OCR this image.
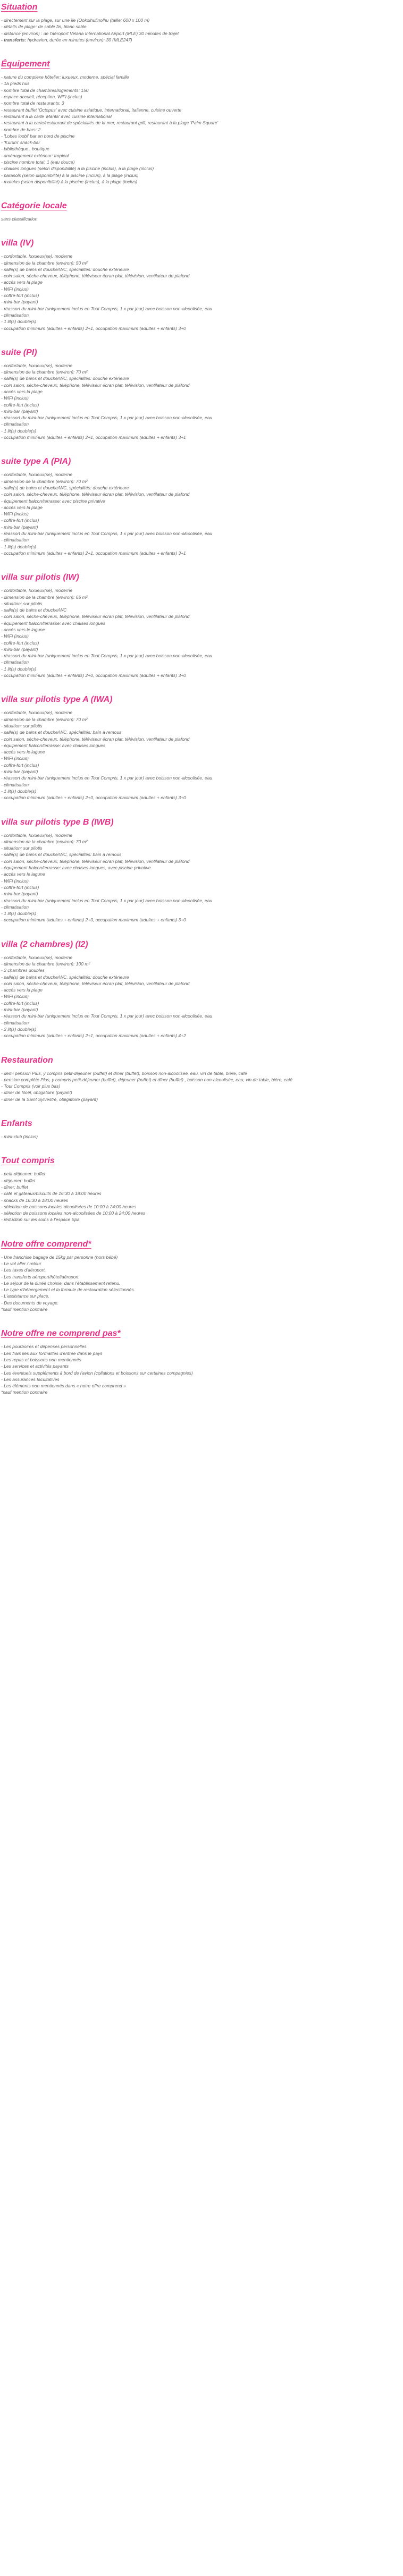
Situation
- directement sur la plage, sur une île (Ookolhufinolhu (taille: 600 x 100 m)
- détails de plage: de sable fin, blanc sable
- distance (environ) : de l'aéroport Velana International Airport (MLE) 30 minutes de trajet
- transferts: hydravion, durée en minutes (environ): 30 (MLE247)
Équipement
- nature du complexe hôtelier: luxueux, moderne, spécial famille
- 1à pieds nus
- nombre total de chambres/logements: 150
- espace accueil, réception, WiFi (inclus)
- nombre total de restaurants: 3
- restaurant buffet 'Octopus' avec cuisine asiatique, international, italienne, cuisine ouverte
- restaurant à la carte 'Manta' avec cuisine international
- restaurant à la carte/restaurant de spécialités de la mer, restaurant grill, restaurant à la plage 'Palm Square'
- nombre de bars: 2
- 'Lobes loobi' bar en bord de piscine
- 'Kurum' snack-bar
- bibliothèque , boutique
- aménagement extérieur: tropical
- piscine nombre total: 1 (eau douce)
- chaises longues (selon disponibilité) à la piscine (inclus), à la plage (inclus)
- parasols (selon disponibilité) à la piscine (inclus), à la plage (inclus)
- matelas (selon disponibilité) à la piscine (inclus), à la plage (inclus)
Catégorie locale

sans classification

villa (IV)
- confortable, luxueux(se), moderne
- dimension de la chambre (environ): 50 m²
- salle(s) de bains et douche/WC, spécialités: douche extérieure
- coin salon, sèche-cheveux, téléphone, téléviseur écran plat, télévision, ventilateur de plafond
- accès vers la plage
- WiFi (inclus)
- coffre-fort (inclus)
- mini-bar (payant)
- réassort du mini-bar (uniquement inclus en Tout Compris, 1 x par jour) avec boisson non-alcoolisée, eau
- climatisation
- 1 lit(s) double(s)
- occupation minimum (adultes + enfants) 2+1, occupation maximum (adultes + enfants) 3+0
suite (PI)
- confortable, luxueux(se), moderne
- dimension de la chambre (environ): 70 m²
- salle(s) de bains et douche/WC, spécialités: douche extérieure
- coin salon, sèche-cheveux, téléphone, téléviseur écran plat, télévision, ventilateur de plafond
- accès vers la plage
- WiFi (inclus)
- coffre-fort (inclus)
- mini-bar (payant)
- réassort du mini-bar (uniquement inclus en Tout Compris, 1 x par jour) avec boisson non-alcoolisée, eau
- climatisation
- 1 lit(s) double(s)
- occupation minimum (adultes + enfants) 2+1, occupation maximum (adultes + enfants) 3+1
suite type A (PIA)
- confortable, luxueux(se), moderne
- dimension de la chambre (environ): 70 m²
- salle(s) de bains et douche/WC, spécialités: douche extérieure
- coin salon, sèche-cheveux, téléphone, téléviseur écran plat, télévision, ventilateur de plafond
- équipement balcon/terrasse: avec piscine privative
- accès vers la plage
- WiFi (inclus)
- coffre-fort (inclus)
- mini-bar (payant)
- réassort du mini-bar (uniquement inclus en Tout Compris, 1 x par jour) avec boisson non-alcoolisée, eau
- climatisation
- 1 lit(s) double(s)
- occupation minimum (adultes + enfants) 2+1, occupation maximum (adultes + enfants) 3+1
villa sur pilotis (IW)
- confortable, luxueux(se), moderne
- dimension de la chambre (environ): 65 m²
- situation: sur pilotis
- salle(s) de bains et douche/WC
- coin salon, sèche-cheveux, téléphone, téléviseur écran plat, télévision, ventilateur de plafond
- équipement balcon/terrasse: avec chaises longues
- accès vers le lagune
- WiFi (inclus)
- coffre-fort (inclus)
- mini-bar (payant)
- réassort du mini-bar (uniquement inclus en Tout Compris, 1 x par jour) avec boisson non-alcoolisée, eau
- climatisation
- 1 lit(s) double(s)
- occupation minimum (adultes + enfants) 2+0, occupation maximum (adultes + enfants) 3+0
villa sur pilotis type A (IWA)
- confortable, luxueux(se), moderne
- dimension de la chambre (environ): 70 m²
- situation: sur pilotis
- salle(s) de bains et douche/WC, spécialités: bain à remous
- coin salon, sèche-cheveux, téléphone, téléviseur écran plat, télévision, ventilateur de plafond
- équipement balcon/terrasse: avec chaises longues
- accès vers le lagune
- WiFi (inclus)
- coffre-fort (inclus)
- mini-bar (payant)
- réassort du mini-bar (uniquement inclus en Tout Compris, 1 x par jour) avec boisson non-alcoolisée, eau
- climatisation
- 1 lit(s) double(s)
- occupation minimum (adultes + enfants) 2+0, occupation maximum (adultes + enfants) 3+0
villa sur pilotis type B (IWB)
- confortable, luxueux(se), moderne
- dimension de la chambre (environ): 70 m²
- situation: sur pilotis
- salle(s) de bains et douche/WC, spécialités: bain à remous
- coin salon, sèche-cheveux, téléphone, téléviseur écran plat, télévision, ventilateur de plafond
- équipement balcon/terrasse: avec chaises longues, avec piscine privative
- accès vers le lagune
- WiFi (inclus)
- coffre-fort (inclus)
- mini-bar (payant)
- réassort du mini-bar (uniquement inclus en Tout Compris, 1 x par jour) avec boisson non-alcoolisée, eau
- climatisation
- 1 lit(s) double(s)
- occupation minimum (adultes + enfants) 2+0, occupation maximum (adultes + enfants) 3+0
villa (2 chambres) (I2)
- confortable, luxueux(se), moderne
- dimension de la chambre (environ): 100 m²
- 2 chambres doubles
- salle(s) de bains et douche/WC, spécialités: douche extérieure
- coin salon, sèche-cheveux, téléphone, téléviseur écran plat, télévision, ventilateur de plafond
- accès vers la plage
- WiFi (inclus)
- coffre-fort (inclus)
- mini-bar (payant)
- réassort du mini-bar (uniquement inclus en Tout Compris, 1 x par jour) avec boisson non-alcoolisée, eau
- climatisation
- 2 lit(s) double(s)
- occupation minimum (adultes + enfants) 2+1, occupation maximum (adultes + enfants) 4+2
Restauration

- demi pension Plus, y compris petit-déjeuner (buffet) et dîner (buffet), boisson non-alcoolisée, eau, vin de table, bière, café

- pension complète Plus, y compris petit-déjeuner (buffet), déjeuner (buffet) et dîner (buffet) , boisson non-alcoolisée, eau, vin de table, bière, café

- Tout Compris (voir plus bas)
- dîner de Noël, obligatoire (payant)
- dîner de la Saint Sylvestre, obligatoire (payant)
Enfants
- mini-club (inclus)
Tout compris
- petit-déjeuner: buffet
- déjeuner: buffet
- dîner: buffet
- café et gâteaux/biscuits de 16:30 à 18:00 heures
- snacks de 16:30 à 18:00 heures
- sélection de boissons locales alcoolisées de 10:00 à 24:00 heures
- sélection de boissons locales non-alcoolisées de 10:00 à 24:00 heures
- réduction sur les soins à l'espace Spa
Notre offre comprend*
- Une franchise bagage de 15kg par personne (hors bébé)
- Le vol aller / retour
- Les taxes d'aéroport.
- Les transferts aéroport/hôtel/aéroport.
- Le séjour de la durée choisie, dans l'établissement retenu.
- Le type d'hébergement et la formule de restauration sélectionnés.
- L'assistance sur place.
- Des documents de voyage.
*sauf mention contraire
Notre offre ne comprend pas*
- Les pourboires et dépenses personnelles
- Les frais liés aux formalités d'entrée dans le pays
- Les repas et boissons non mentionnés
- Les services et activités payants
- Les éventuels suppléments à bord de l'avion (collations et boissons sur certaines compagnies)
- Les assurances facultatives
- Les éléments non mentionnés dans « notre offre comprend »
*sauf mention contraire
